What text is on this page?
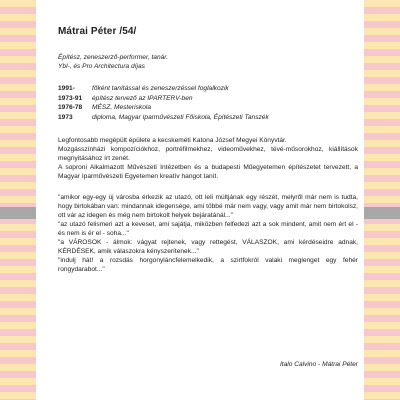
Mátrai Péter /54/

Építész, zeneszerző-performer, tanár.

Ybl-, és Pro Architectura díjas

1991-	főként tanítással és zeneszerzéssel foglalkozik
1973-91	építész tervező az IPARTERV-ben
1976-78	MÉSZ, Mesteriskola
1973	diploma, Magyar Iparművészeti Főiskola, Építészeti Tanszék

Legfontosabb megépült épülete a kecskeméti Katona József Megyei Könyvtár.

Mozgásszínházi kompozíciókhoz, portréfilmekhez, videoművekhez, tévé-műsorokhoz, kiállítások megnyitásához írt zenét.

A soproni Alkalmazott Művészeti Intézetben és a budapesti Műegyetemen építészetet tervezett, a Magyar Iparművészeti Egyetemen kreatív hangot tanít.

"amikor egy-egy új városba érkezik az utazó, ott leli múltjának egy részét, melyről már nem is tudta, hogy birtokában van: mindannak idegensége, ami többé már nem vagy, vagy amit már nem birtokolsz, ott vár az idegen és még nem birtokolt helyek bejáratánál..."

"az utazó felismeri azt a keveset, ami sajátja, miközben felfedezi azt a sok mindent, amit nem ért el - és nem is ér el - soha..."

"a VÁROSOK - álmok: vágyat rejtenek, vagy rettegést, VÁLASZOK, ami kérdéseidre adnak, KÉRDÉSEK, amik válaszokra kényszerítenek..."

"indulj hát! a rozsdás horgonyláncfelemelkedik, a szirtfokról valaki meglenget egy fehér rongydarabot..."

Italo Calvino - Mátrai Péter
